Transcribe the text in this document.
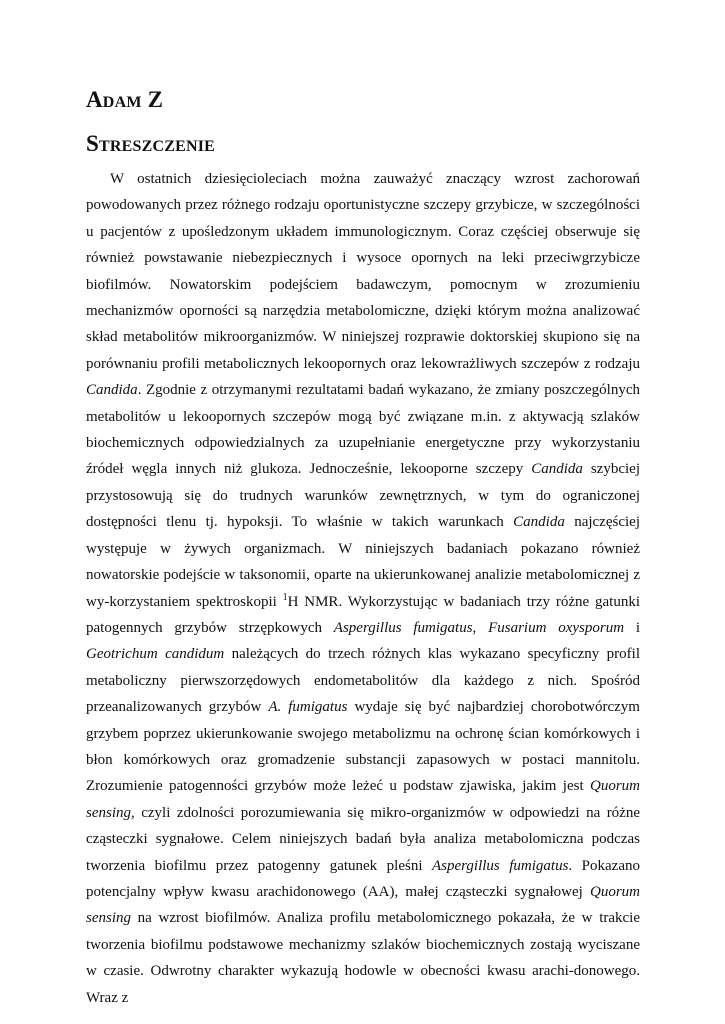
Adam Z
Streszczenie

W ostatnich dziesięcioleciach można zauważyć znaczący wzrost zachorowań powodowanych przez różnego rodzaju oportunistyczne szczepy grzybicze, w szczególności u pacjentów z upośledzonym układem immunologicznym. Coraz częściej obserwuje się również powstawanie niebezpiecznych i wysoce opornych na leki przeciwgrzybicze biofilmów. Nowatorskim podejściem badawczym, pomocnym w zrozumieniu mechanizmów oporności są narzędzia metabolomiczne, dzięki którym można analizować skład metabolitów mikroorganizmów. W niniejszej rozprawie doktorskiej skupiono się na porównaniu profili metabolicznych lekoopornych oraz lekowrażliwych szczepów z rodzaju Candida. Zgodnie z otrzymanymi rezultatami badań wykazano, że zmiany poszczególnych metabolitów u lekoopornych szczepów mogą być związane m.in. z aktywacją szlaków biochemicznych odpowiedzialnych za uzupełnianie energetyczne przy wykorzystaniu źródeł węgla innych niż glukoza. Jednocześnie, lekooporne szczepy Candida szybciej przystosowują się do trudnych warunków zewnętrznych, w tym do ograniczonej dostępności tlenu tj. hypoksji. To właśnie w takich warunkach Candida najczęściej występuje w żywych organizmach. W niniejszych badaniach pokazano również nowatorskie podejście w taksonomii, oparte na ukierunkowanej analizie metabolomicznej z wy-korzystaniem spektroskopii $^1$H NMR. Wykorzystując w badaniach trzy różne gatunki patogennych grzybów strzępkowych Aspergillus fumigatus, Fusarium oxysporum i Geotrichum candidum należących do trzech różnych klas wykazano specyficzny profil metaboliczny pierwszorzędowych endometabolitów dla każdego z nich. Spośród przeanalizowanych grzybów A. fumigatus wydaje się być najbardziej chorobotwórczym grzybem poprzez ukierunkowanie swojego metabolizmu na ochronę ścian komórkowych i błon komórkowych oraz gromadzenie substancji zapasowych w postaci mannitolu. Zrozumienie patogenności grzybów może leżeć u podstaw zjawiska, jakim jest Quorum sensing, czyli zdolności porozumiewania się mikro-organizmów w odpowiedzi na różne cząsteczki sygnałowe. Celem niniejszych badań była analiza metabolomiczna podczas tworzenia biofilmu przez patogenny gatunek pleśni Aspergillus fumigatus. Pokazano potencjalny wpływ kwasu arachidonowego (AA), małej cząsteczki sygnałowej Quorum sensing na wzrost biofilmów. Analiza profilu metabolomicznego pokazała, że w trakcie tworzenia biofilmu podstawowe mechanizmy szlaków biochemicznych zostają wyciszane w czasie. Odwrotny charakter wykazują hodowle w obecności kwasu arachi-donowego. Wraz z
